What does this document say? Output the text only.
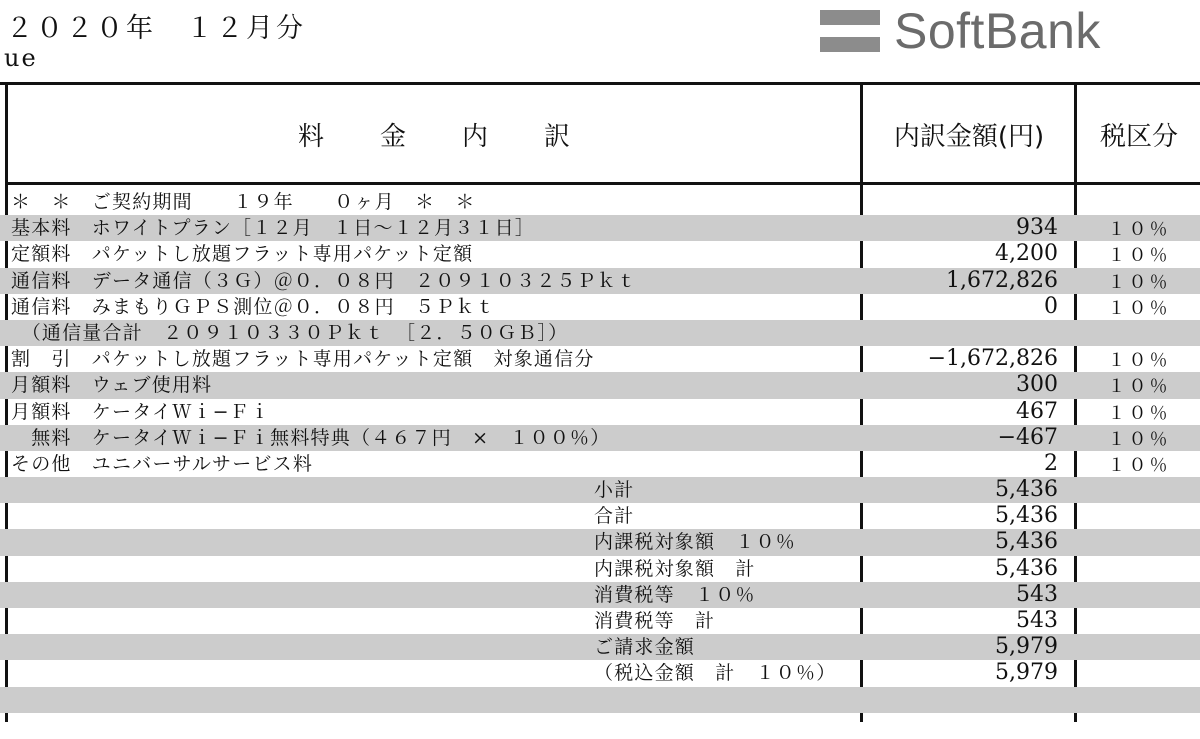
２０２０年　１２月分
ue	SoftBank
料金内訳	内訳金額(円)	税区分
＊　＊　ご契約期間　　１９年　　０ヶ月　＊　＊
基本料　ホワイトプラン［１２月　１日〜１２月３１日］	934	１０％
定額料　パケットし放題フラット専用パケット定額	4,200	１０％
通信料　データ通信（３Ｇ）＠０．０８円　２０９１０３２５Ｐｋｔ	1,672,826	１０％
通信料　みまもりＧＰＳ測位＠０．０８円　５Ｐｋｔ	0	１０％
　（通信量合計　２０９１０３３０Ｐｋｔ　［２．５０ＧＢ］）
割　引　パケットし放題フラット専用パケット定額　対象通信分	−1,672,826	１０％
月額料　ウェブ使用料	300	１０％
月額料　ケータイＷｉ−Ｆｉ	467	１０％
　無料　ケータイＷｉ−Ｆｉ無料特典（４６７円　×　１００％）	−467	１０％
その他　ユニバーサルサービス料	2	１０％
小計	5,436
合計	5,436
内課税対象額　１０％	5,436
内課税対象額　計	5,436
消費税等　１０％	543
消費税等　計	543
ご請求金額	5,979
（税込金額　計　１０％）	5,979
